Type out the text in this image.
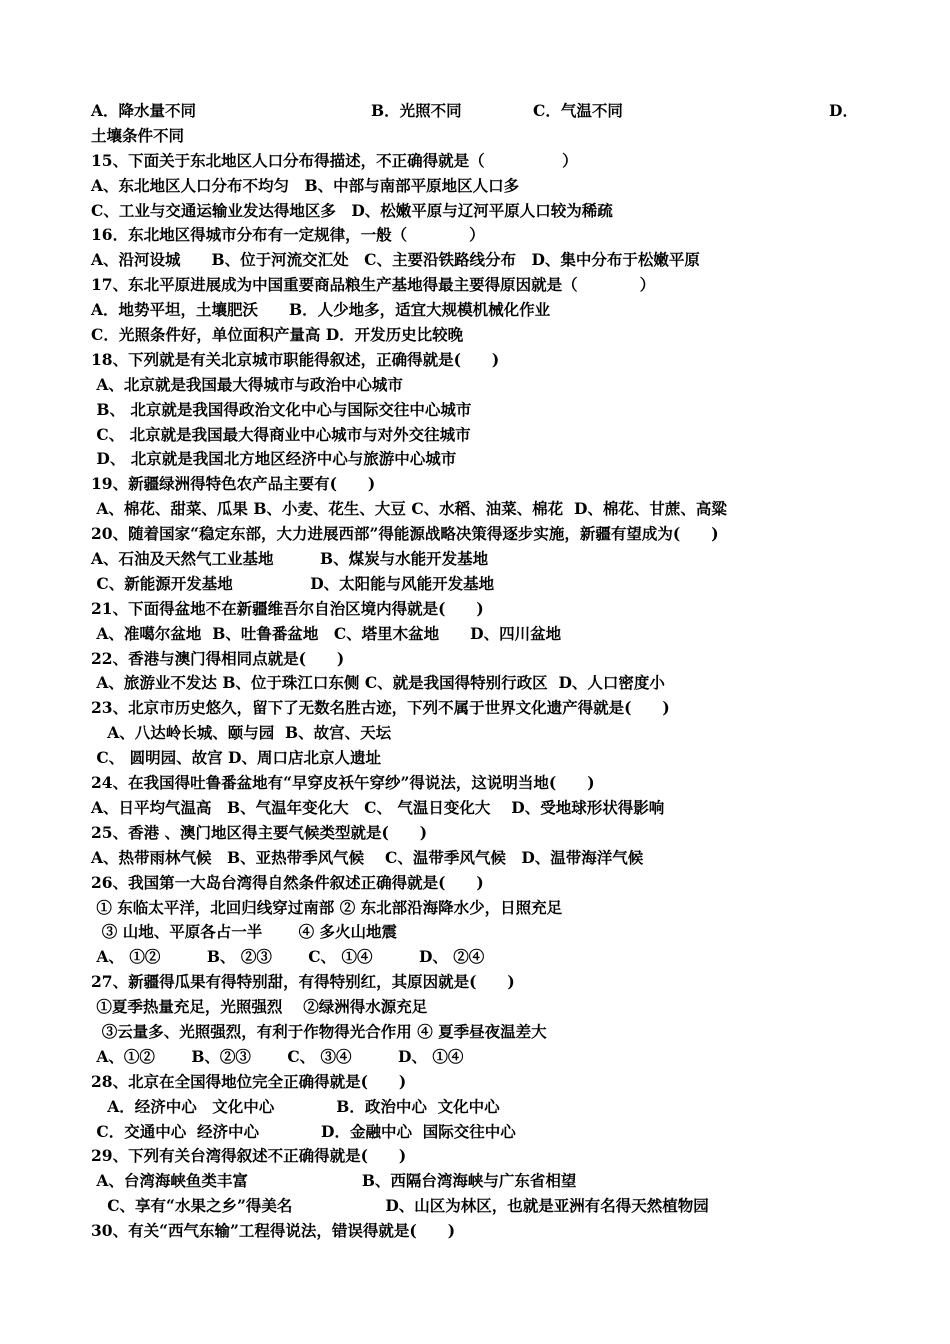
A．降水量不同

	B．光照不同

	C．气温不同

	D．

土壤条件不同
15、下面关于东北地区人口分布得描述，不正确得就是（　　　　　）
A、东北地区人口分布不均匀　B、中部与南部平原地区人口多
C、工业与交通运输业发达得地区多　D、松嫩平原与辽河平原人口较为稀疏
16．东北地区得城市分布有一定规律，一般（　　　　）
A、沿河设城　　B、位于河流交汇处　C、主要沿铁路线分布　D、集中分布于松嫩平原
17、东北平原进展成为中国重要商品粮生产基地得最主要得原因就是（　　　　）
A．地势平坦，土壤肥沃　　B．人少地多，适宜大规模机械化作业
C．光照条件好，单位面积产量高 D．开发历史比较晚
18、下列就是有关北京城市职能得叙述，正确得就是(　　)
A、北京就是我国最大得城市与政治中心城市
B、 北京就是我国得政治文化中心与国际交往中心城市
C、 北京就是我国最大得商业中心城市与对外交往城市
D、 北京就是我国北方地区经济中心与旅游中心城市
19、新疆绿洲得特色农产品主要有(　　)
A、棉花、甜菜、瓜果 B、小麦、花生、大豆 C、水稻、油菜、棉花  D、棉花、甘蔗、高粱
20、随着国家“稳定东部，大力进展西部”得能源战略决策得逐步实施，新疆有望成为(　　)
A、石油及天然气工业基地　　　B、煤炭与水能开发基地
C、新能源开发基地　　　　　D、太阳能与风能开发基地
21、下面得盆地不在新疆维吾尔自治区境内得就是(　　)
A、准噶尔盆地  B、吐鲁番盆地　C、塔里木盆地　　D、四川盆地
22、香港与澳门得相同点就是(　　)
A、旅游业不发达 B、位于珠江口东侧 C、就是我国得特别行政区  D、人口密度小
23、北京市历史悠久，留下了无数名胜古迹，下列不属于世界文化遗产得就是(　　)
A、八达岭长城、颐与园  B、故宫、天坛
C、 圆明园、故宫 D、周口店北京人遗址
24、在我国得吐鲁番盆地有“早穿皮袄午穿纱”得说法，这说明当地(　　)
A、日平均气温高　B、气温年变化大　C、 气温日变化大　 D、受地球形状得影响
25、香港 、澳门地区得主要气候类型就是(　　)
A、热带雨林气候　B、亚热带季风气候　 C、温带季风气候　D、温带海洋气候
26、我国第一大岛台湾得自然条件叙述正确得就是(　　)
① 东临太平洋，北回归线穿过南部 ② 东北部沿海降水少，日照充足
③ 山地、平原各占一半　　 ④ 多火山地震
A、 ①②　　　B、 ②③　　 C、 ①④　　　D、 ②④
27、新疆得瓜果有得特别甜，有得特别红，其原因就是(　　)
①夏季热量充足，光照强烈　 ②绿洲得水源充足
③云量多、光照强烈，有利于作物得光合作用 ④ 夏季昼夜温差大
A、①②　　 B、②③　　 C、 ③④　　　D、 ①④
28、北京在全国得地位完全正确得就是(　　)
A．经济中心　文化中心　　　　B．政治中心  文化中心
C．交通中心  经济中心　　　　D．金融中心  国际交往中心
29、下列有关台湾得叙述不正确得就是(　　)
A、台湾海峡鱼类丰富　　　　　　　 B、西隔台湾海峡与广东省相望
C、享有“水果之乡”得美名　　　　　　D、山区为林区，也就是亚洲有名得天然植物园
30、有关“西气东输”工程得说法，错误得就是(　　)
